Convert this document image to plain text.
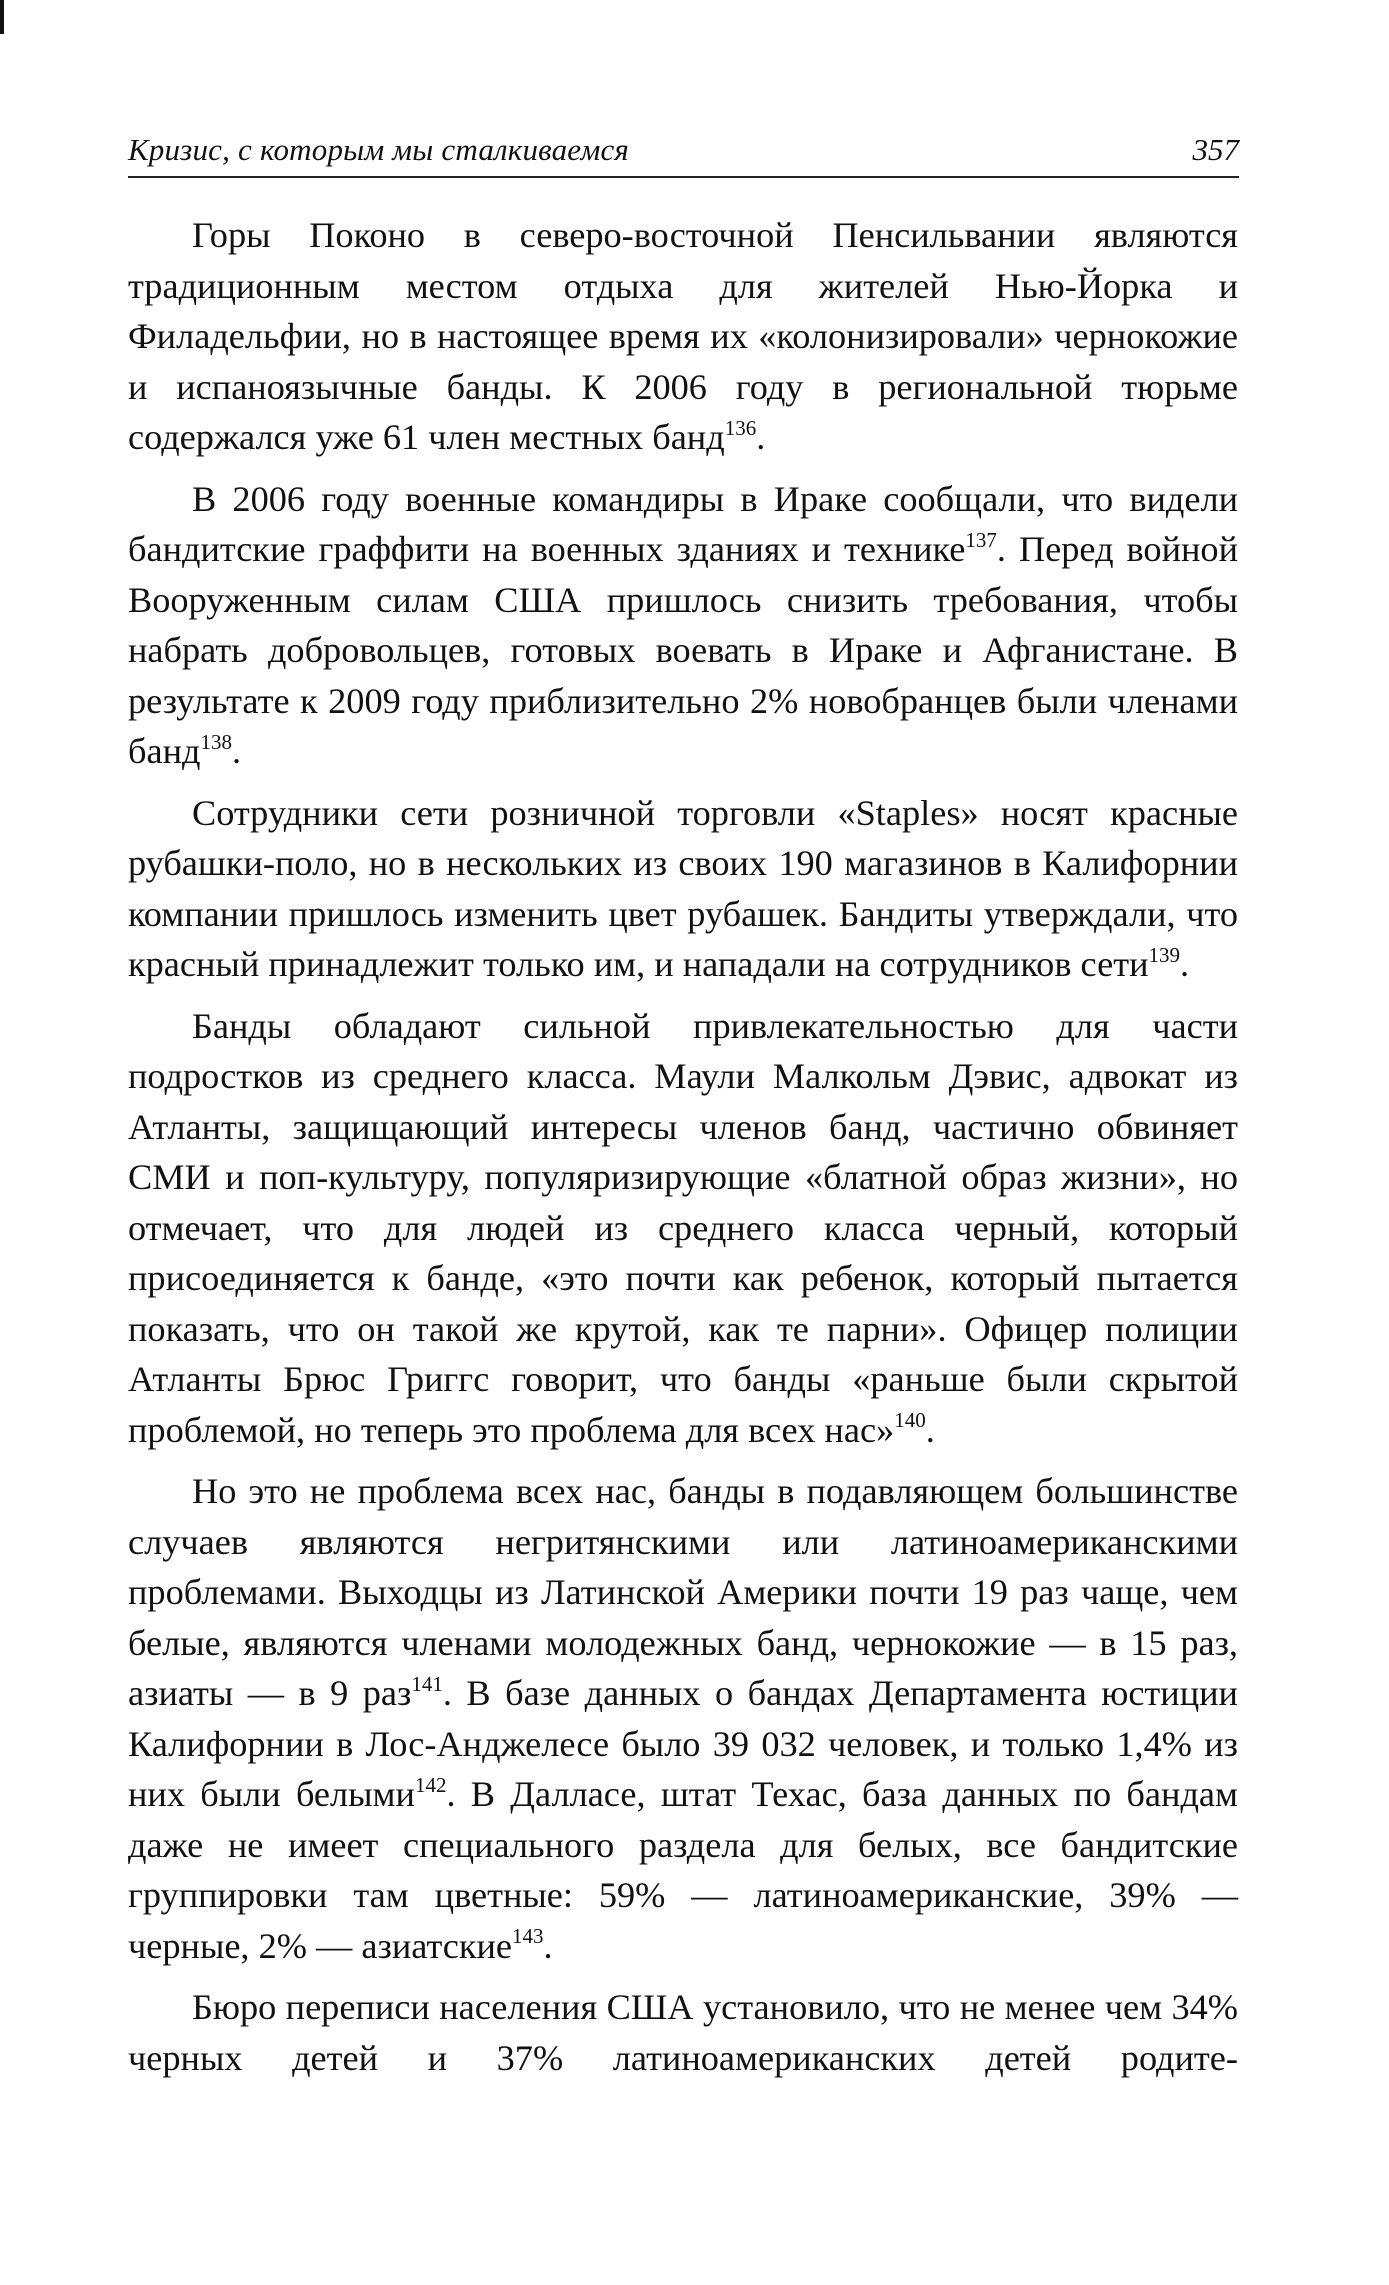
Кризис, с которым мы сталкиваемся	357

Горы Поконо в северо-восточной Пенсильвании являются традиционным местом отдыха для жителей Нью-Йорка и Филадельфии, но в настоящее время их «колонизировали» чернокожие и испаноязычные банды. К 2006 году в региональной тюрьме содержался уже 61 член местных банд$^{136}$.

В 2006 году военные командиры в Ираке сообщали, что видели бандитские граффити на военных зданиях и технике$^{137}$. Перед войной Вооруженным силам США пришлось снизить требования, чтобы набрать добровольцев, готовых воевать в Ираке и Афганистане. В результате к 2009 году приблизительно 2% новобранцев были членами банд$^{138}$.

Сотрудники сети розничной торговли «Staples» носят красные рубашки-поло, но в нескольких из своих 190 магазинов в Калифорнии компании пришлось изменить цвет рубашек. Бандиты утверждали, что красный принадлежит только им, и нападали на сотрудников сети$^{139}$.

Банды обладают сильной привлекательностью для части подростков из среднего класса. Маули Малкольм Дэвис, адвокат из Атланты, защищающий интересы членов банд, частично обвиняет СМИ и поп-культуру, популяризирующие «блатной образ жизни», но отмечает, что для людей из среднего класса черный, который присоединяется к банде, «это почти как ребенок, который пытается показать, что он такой же крутой, как те парни». Офицер полиции Атланты Брюс Григгс говорит, что банды «раньше были скрытой проблемой, но теперь это проблема для всех нас»$^{140}$.

Но это не проблема всех нас, банды в подавляющем большинстве случаев являются негритянскими или латиноамериканскими проблемами. Выходцы из Латинской Америки почти 19 раз чаще, чем белые, являются членами молодежных банд, чернокожие — в 15 раз, азиаты — в 9 раз$^{141}$. В базе данных о бандах Департамента юстиции Калифорнии в Лос-Анджелесе было 39 032 человек, и только 1,4% из них были белыми$^{142}$. В Далласе, штат Техас, база данных по бандам даже не имеет специального раздела для белых, все бандитские группировки там цветные: 59% — латиноамериканские, 39% — черные, 2% — азиатские$^{143}$.

Бюро переписи населения США установило, что не менее чем 34% черных детей и 37% латиноамериканских детей родите-
